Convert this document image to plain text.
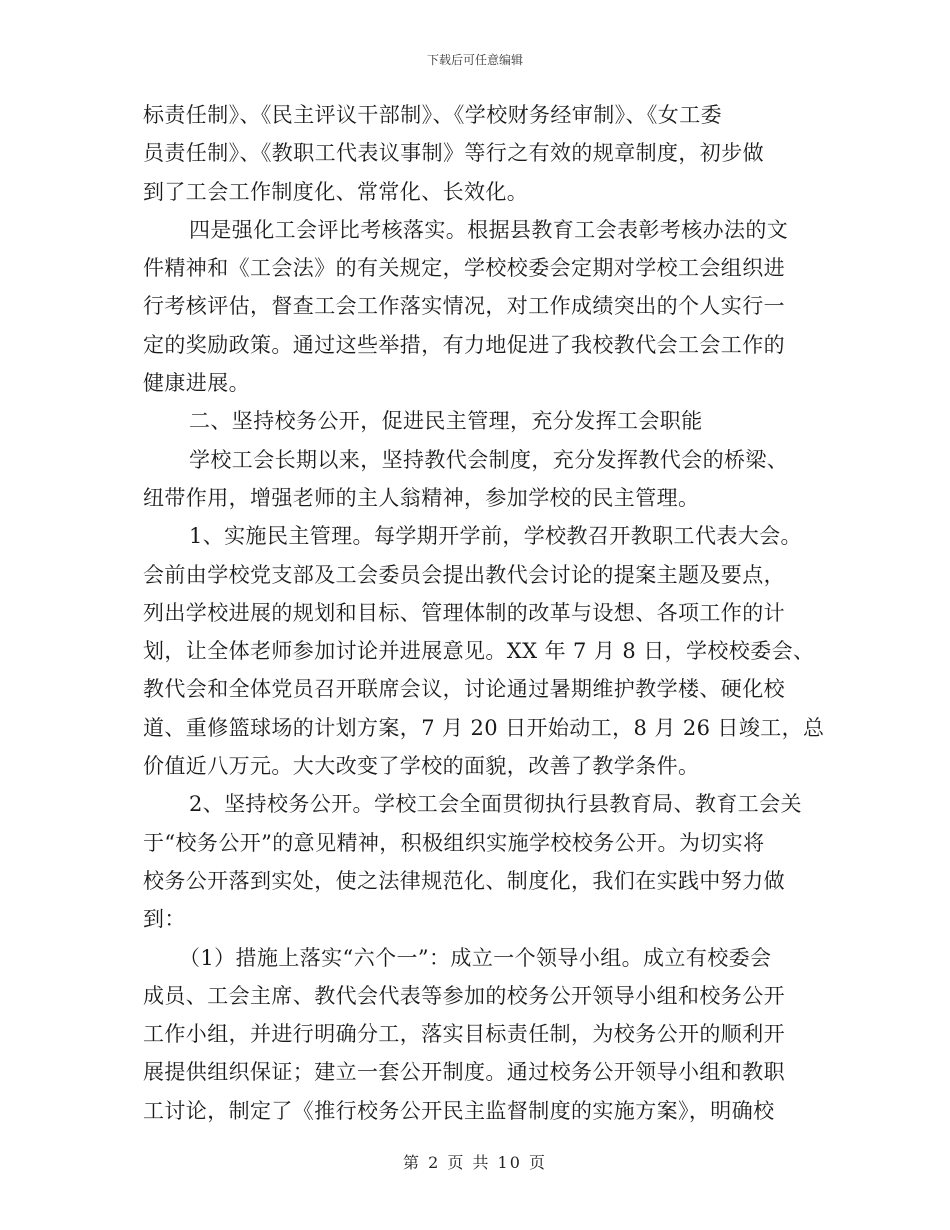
下载后可任意编辑
标责任制》、《民主评议干部制》、《学校财务经审制》、《女工委
员责任制》、《教职工代表议事制》等行之有效的规章制度，初步做
到了工会工作制度化、常常化、长效化。
四是强化工会评比考核落实。根据县教育工会表彰考核办法的文
件精神和《工会法》的有关规定，学校校委会定期对学校工会组织进
行考核评估，督查工会工作落实情况，对工作成绩突出的个人实行一
定的奖励政策。通过这些举措，有力地促进了我校教代会工会工作的
健康进展。
二、坚持校务公开，促进民主管理，充分发挥工会职能
学校工会长期以来，坚持教代会制度，充分发挥教代会的桥梁、
纽带作用，增强老师的主人翁精神，参加学校的民主管理。
1、实施民主管理。每学期开学前，学校教召开教职工代表大会。
会前由学校党支部及工会委员会提出教代会讨论的提案主题及要点，
列出学校进展的规划和目标、管理体制的改革与设想、各项工作的计
划，让全体老师参加讨论并进展意见。XX 年 7 月 8 日，学校校委会、
教代会和全体党员召开联席会议，讨论通过暑期维护教学楼、硬化校
道、重修篮球场的计划方案，7 月 20 日开始动工，8 月 26 日竣工，总
价值近八万元。大大改变了学校的面貌，改善了教学条件。
2、坚持校务公开。学校工会全面贯彻执行县教育局、教育工会关
于“校务公开”的意见精神，积极组织实施学校校务公开。为切实将
校务公开落到实处，使之法律规范化、制度化，我们在实践中努力做
到：
（1）措施上落实“六个一”：成立一个领导小组。成立有校委会
成员、工会主席、教代会代表等参加的校务公开领导小组和校务公开
工作小组，并进行明确分工，落实目标责任制，为校务公开的顺利开
展提供组织保证；建立一套公开制度。通过校务公开领导小组和教职
工讨论，制定了《推行校务公开民主监督制度的实施方案》，明确校
第 2 页 共 10 页
